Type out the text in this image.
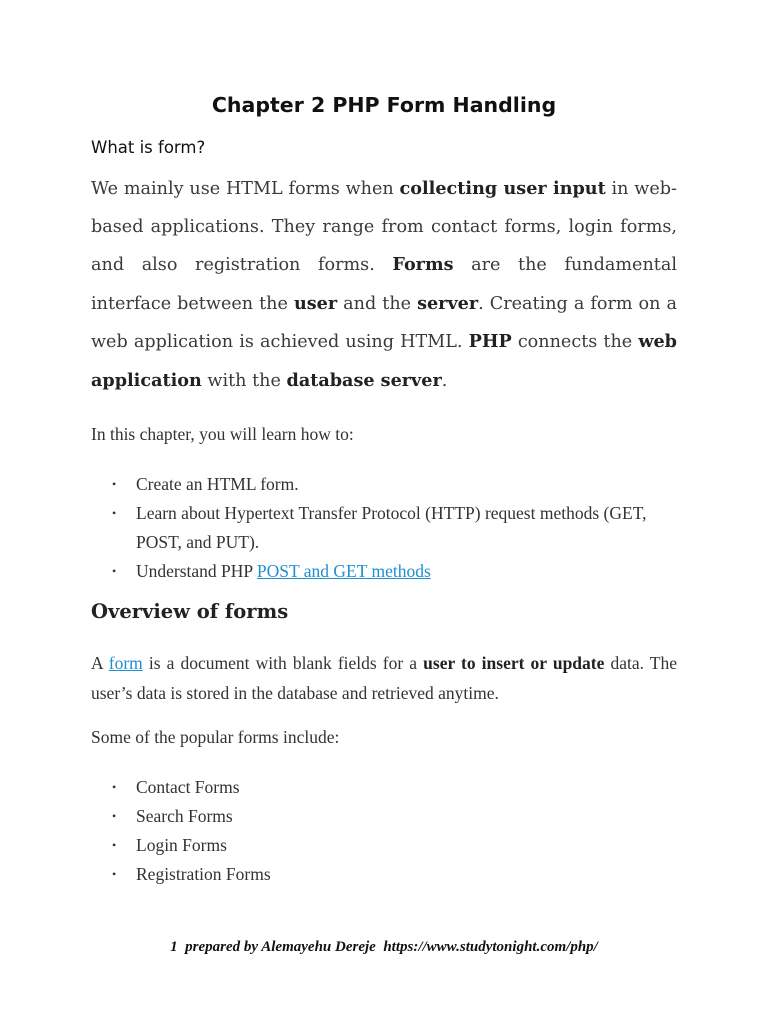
Chapter 2 PHP Form Handling

What is form?

We mainly use HTML forms when collecting user input in web-based applications. They range from contact forms, login forms, and also registration forms. Forms are the fundamental interface between the user and the server. Creating a form on a web application is achieved using HTML. PHP connects the web application with the database server.

In this chapter, you will learn how to:

• Create an HTML form.
• Learn about Hypertext Transfer Protocol (HTTP) request methods (GET, POST, and PUT).
• Understand PHP POST and GET methods
Overview of forms

A form is a document with blank fields for a user to insert or update data. The user’s data is stored in the database and retrieved anytime.

Some of the popular forms include:

• Contact Forms
• Search Forms
• Login Forms
• Registration Forms

1 prepared by Alemayehu Dereje https://www.studytonight.com/php/
